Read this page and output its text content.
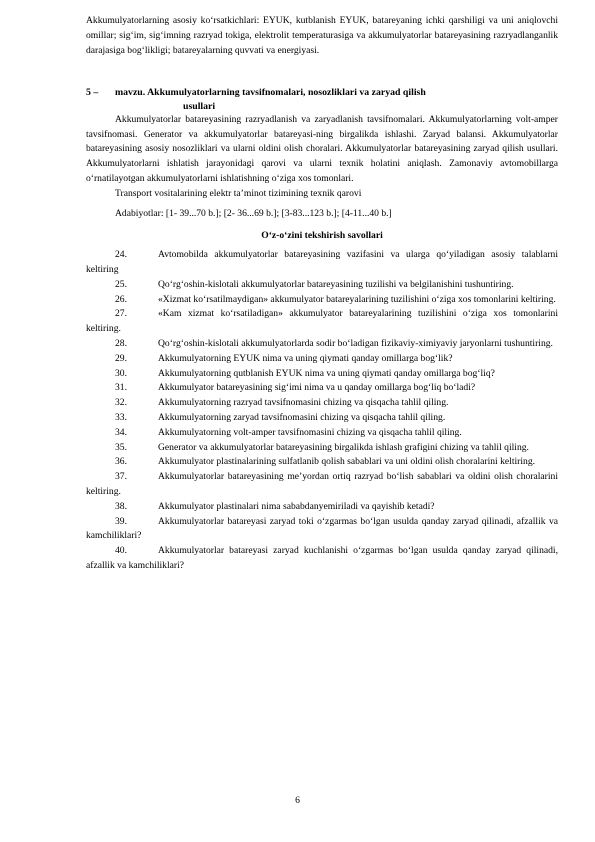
Akkumulyatorlarning asosiy ko‘rsatkichlari: EYUK, kutblanish EYUK, batareyaning ichki qarshiligi va uni aniqlovchi omillar; sig‘im, sig‘imning razryad tokiga, elektrolit temperaturasiga va akkumulyatorlar batareyasining razryadlanganlik darajasiga bog‘likligi; batareyalarning quvvati va energiyasi.

5 –	mavzu. Akkumulyatorlarning tavsifnomalari, nosozliklari va zaryad qilish
usullari

Akkumulyatorlar batareyasining razryadlanish va zaryadlanish tavsifnomalari. Akkumulyatorlarning volt-amper tavsifnomasi. Generator va akkumulyatorlar batareyasi-ning birgalikda ishlashi. Zaryad balansi. Akkumulyatorlar batareyasining asosiy nosozliklari va ularni oldini olish choralari. Akkumulyatorlar batareyasining zaryad qilish usullari. Akkumulyatorlarni ishlatish jarayonidagi qarovi va ularni texnik holatini aniqlash. Zamonaviy avtomobillarga o‘rnatilayotgan akkumulyatorlarni ishlatishning o‘ziga xos tomonlari.

Transport vositalarining elektr ta’minot tizimining texnik qarovi

Adabiyotlar: [1- 39...70 b.]; [2- 36...69 b.]; [3-83...123 b.]; [4-11...40 b.]

O‘z-o‘zini tekshirish savollari

24.	Avtomobilda akkumulyatorlar batareyasining vazifasini va ularga qo‘yiladigan asosiy talablarni keltiring

25.	Qo‘rg‘oshin-kislotali akkumulyatorlar batareyasining tuzilishi va belgilanishini tushuntiring.

26.	«Xizmat ko‘rsatilmaydigan» akkumulyator batareyalarining tuzilishini o‘ziga xos tomonlarini keltiring.

27.	«Kam xizmat ko‘rsatiladigan» akkumulyator batareyalarining tuzilishini o‘ziga xos tomonlarini keltiring.

28.	Qo‘rg‘oshin-kislotali akkumulyatorlarda sodir bo‘ladigan fizikaviy-ximiyaviy jaryonlarni tushuntiring.

29.	Akkumulyatorning EYUK nima va uning qiymati qanday omillarga bog‘lik?

30.	Akkumulyatorning qutblanish EYUK nima va uning qiymati qanday omillarga bog‘liq?

31.	Akkumulyator batareyasining sig‘imi nima va u qanday omillarga bog‘liq bo‘ladi?

32.	Akkumulyatorning razryad tavsifnomasini chizing va qisqacha tahlil qiling.

33.	Akkumulyatorning zaryad tavsifnomasini chizing va qisqacha tahlil qiling.

34.	Akkumulyatorning volt-amper tavsifnomasini chizing va qisqacha tahlil qiling.

35.	Generator va akkumulyatorlar batareyasining birgalikda ishlash grafigini chizing va tahlil qiling.

36.	Akkumulyator plastinalarining sulfatlanib qolish sabablari va uni oldini olish choralarini keltiring.

37.	Akkumulyatorlar batareyasining me’yordan ortiq razryad bo‘lish sabablari va oldini olish choralarini keltiring.

38.	Akkumulyator plastinalari nima sababdanyemiriladi va qayishib ketadi?

39.	Akkumulyatorlar batareyasi zaryad toki o‘zgarmas bo‘lgan usulda qanday zaryad qilinadi, afzallik va kamchiliklari?

40.	Akkumulyatorlar batareyasi zaryad kuchlanishi o‘zgarmas bo‘lgan usulda qanday zaryad qilinadi, afzallik va kamchiliklari?

6
